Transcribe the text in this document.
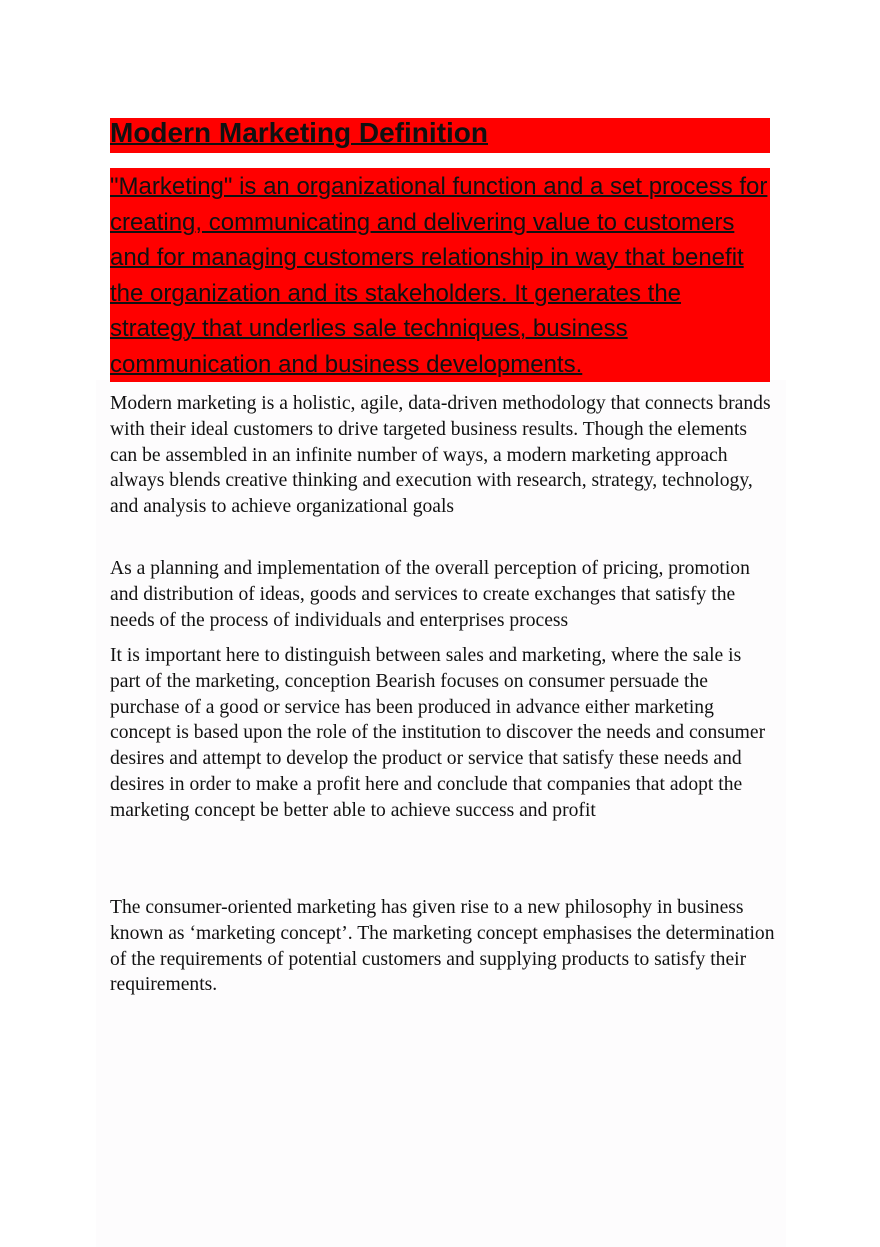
Modern Marketing Definition

"Marketing" is an organizational function and a set process for creating, communicating and delivering value to customers and for managing customers relationship in way that benefit the organization and its stakeholders. It generates the strategy that underlies sale techniques, business communication and business developments.

Modern marketing is a holistic, agile, data-driven methodology that connects brands with their ideal customers to drive targeted business results. Though the elements can be assembled in an infinite number of ways, a modern marketing approach always blends creative thinking and execution with research, strategy, technology, and analysis to achieve organizational goals

As a planning and implementation of the overall perception of pricing, promotion and distribution of ideas, goods and services to create exchanges that satisfy the needs of the process of individuals and enterprises process

It is important here to distinguish between sales and marketing, where the sale is part of the marketing, conception Bearish focuses on consumer persuade the purchase of a good or service has been produced in advance either marketing concept is based upon the role of the institution to discover the needs and consumer desires and attempt to develop the product or service that satisfy these needs and desires in order to make a profit here and conclude that companies that adopt the marketing concept be better able to achieve success and profit

The consumer-oriented marketing has given rise to a new philosophy in business known as ‘marketing concept’. The marketing concept emphasises the determination of the requirements of potential customers and supplying products to satisfy their requirements.
